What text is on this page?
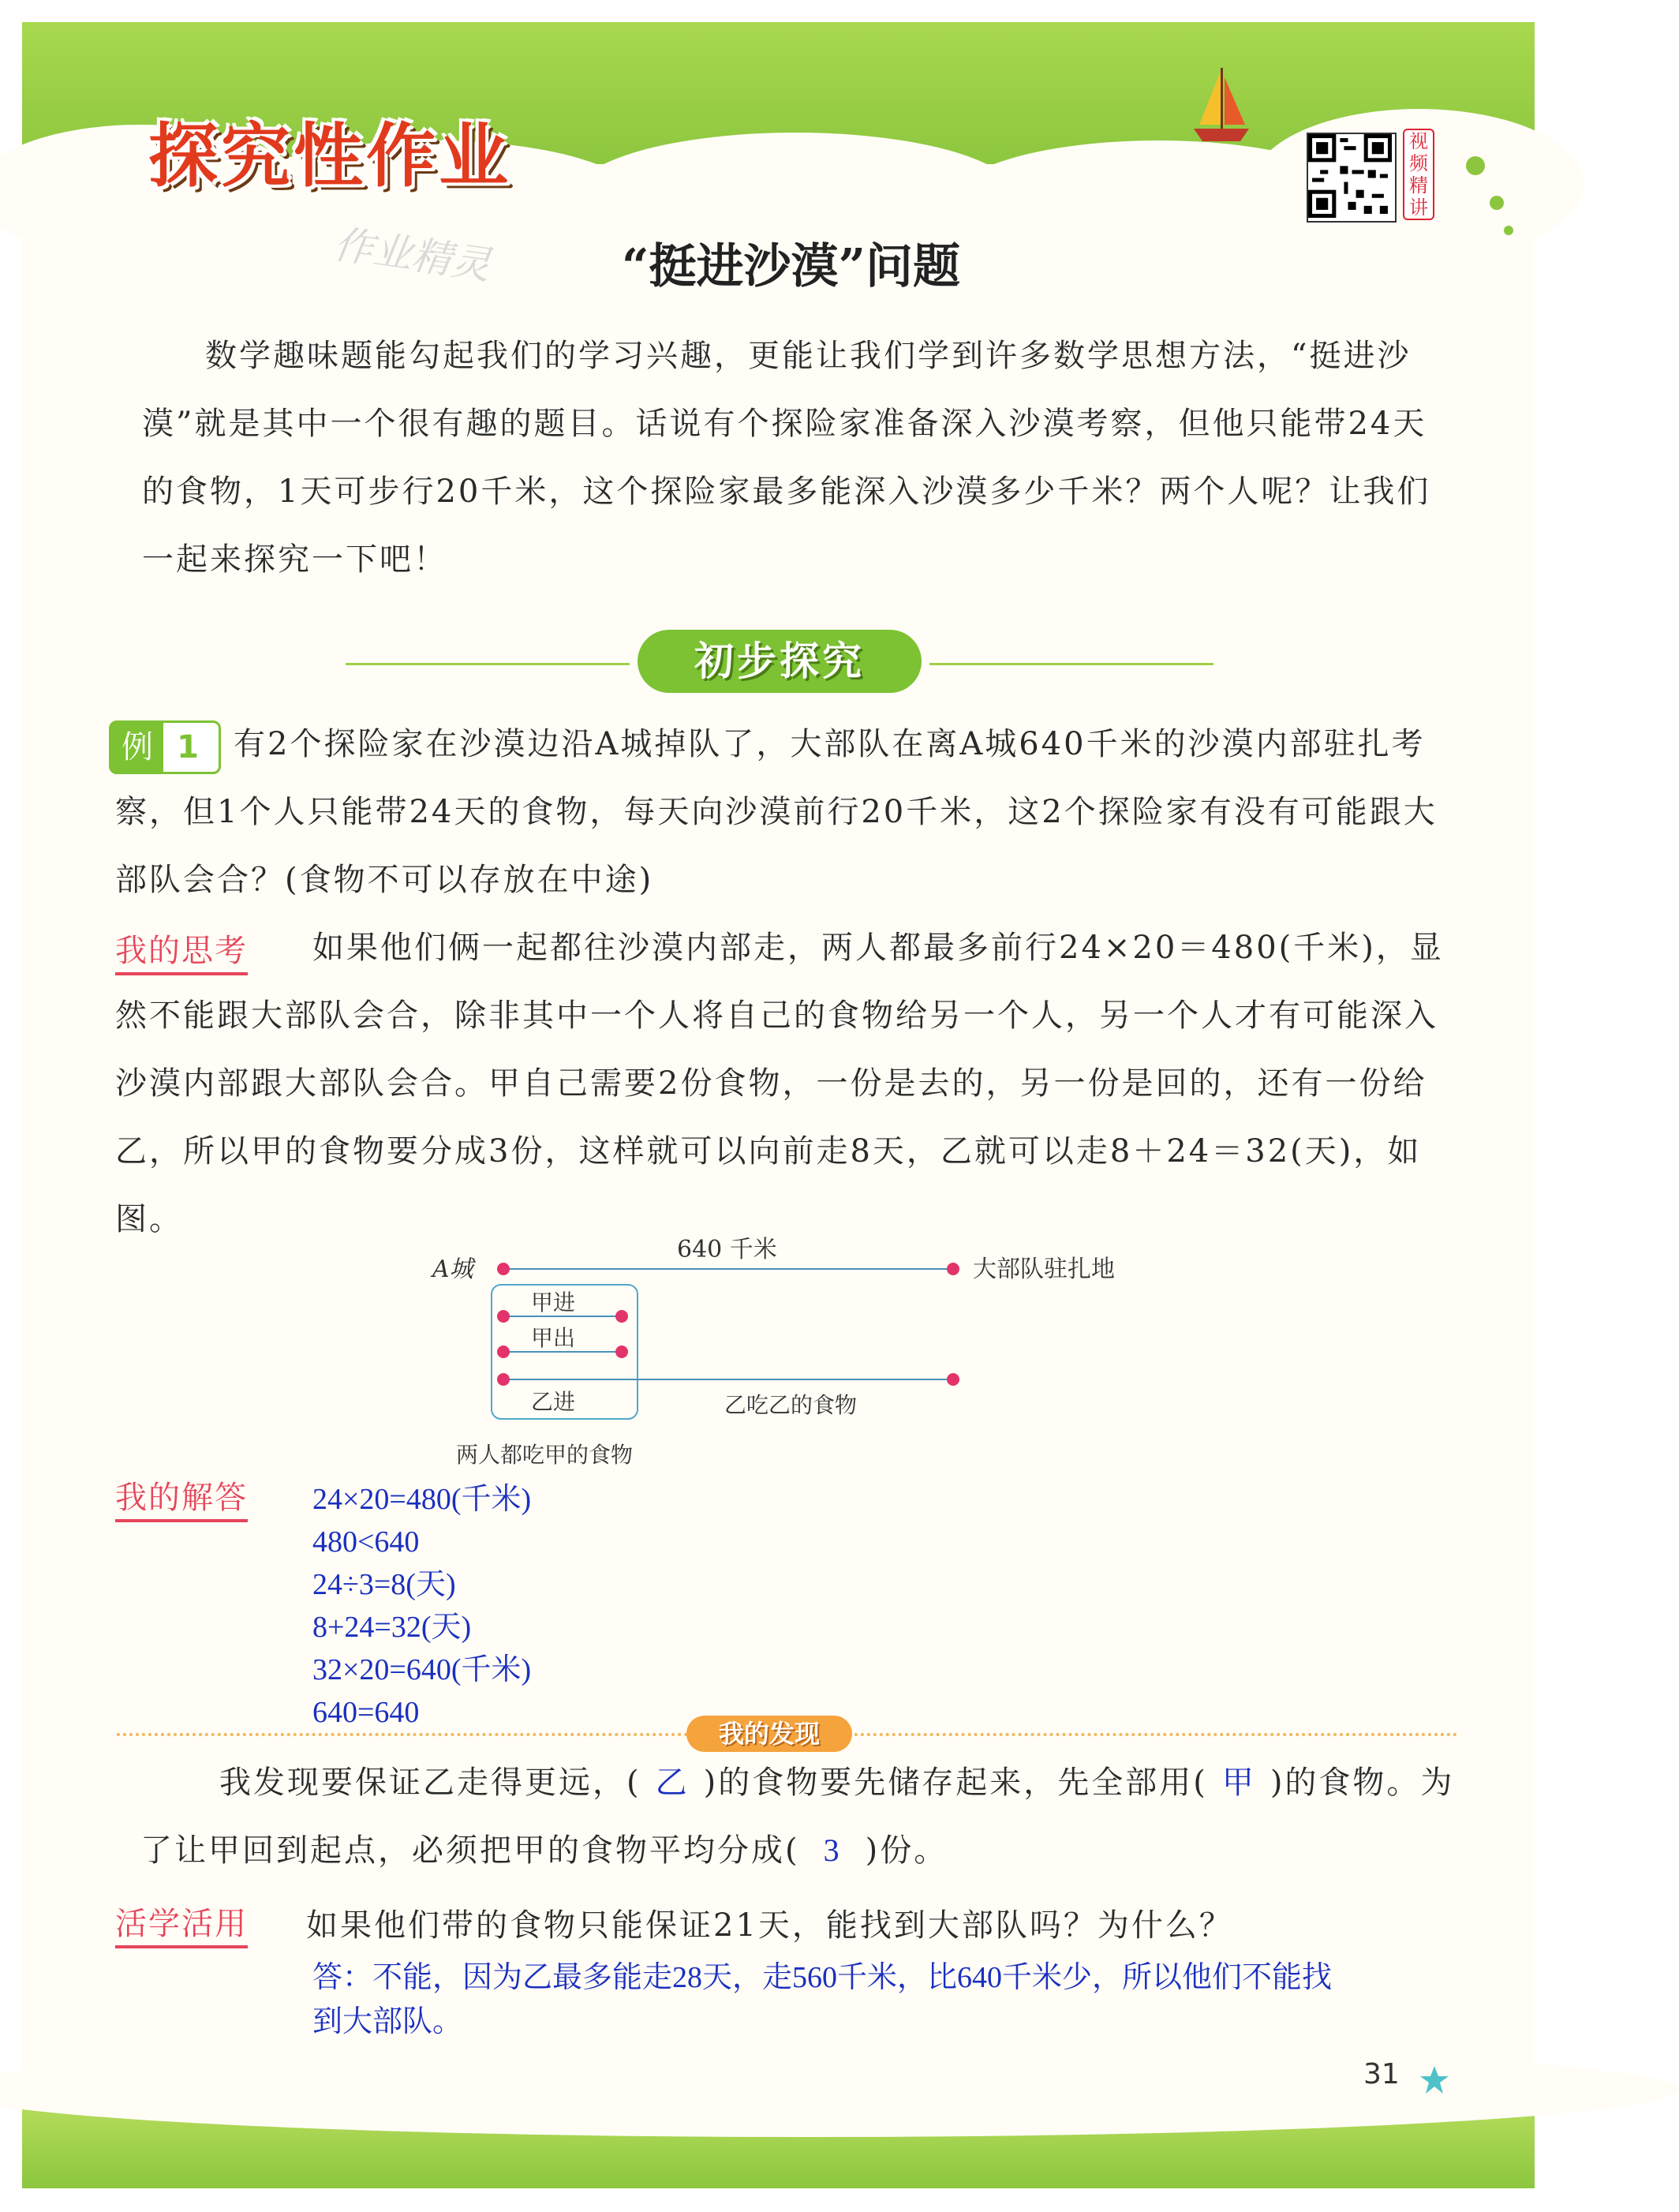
探究性作业	视频精讲
作业精灵	“挺进沙漠”问题
数学趣味题能勾起我们的学习兴趣，更能让我们学到许多数学思想方法，“挺进沙漠”就是其中一个很有趣的题目。话说有个探险家准备深入沙漠考察，但他只能带24天的食物，1天可步行20千米，这个探险家最多能深入沙漠多少千米？两个人呢？让我们一起来探究一下吧！
初步探究
例 1	有2个探险家在沙漠边沿A城掉队了，大部队在离A城640千米的沙漠内部驻扎考察，但1个人只能带24天的食物，每天向沙漠前行20千米，这2个探险家有没有可能跟大部队会合？(食物不可以存放在中途)
我的思考	如果他们俩一起都往沙漠内部走，两人都最多前行24×20＝480(千米)，显然不能跟大部队会合，除非其中一个人将自己的食物给另一个人，另一个人才有可能深入沙漠内部跟大部队会合。甲自己需要2份食物，一份是去的，另一份是回的，还有一份给乙，所以甲的食物要分成3份，这样就可以向前走8天，乙就可以走8＋24＝32(天)，如图。
A城
640 千米
大部队驻扎地
甲进
甲出
乙进	乙吃乙的食物
两人都吃甲的食物
我的解答 24×20=480(千米)
480<640
24÷3=8(天)
8+24=32(天)
32×20=640(千米)
640=640
我的发现
我发现要保证乙走得更远，( 乙 )的食物要先储存起来，先全部用( 甲 )的食物。为了让甲回到起点，必须把甲的食物平均分成( 3 )份。
活学活用 如果他们带的食物只能保证21天，能找到大部队吗？为什么？
答：不能，因为乙最多能走28天，走560千米，比640千米少，所以他们不能找到大部队。
31
